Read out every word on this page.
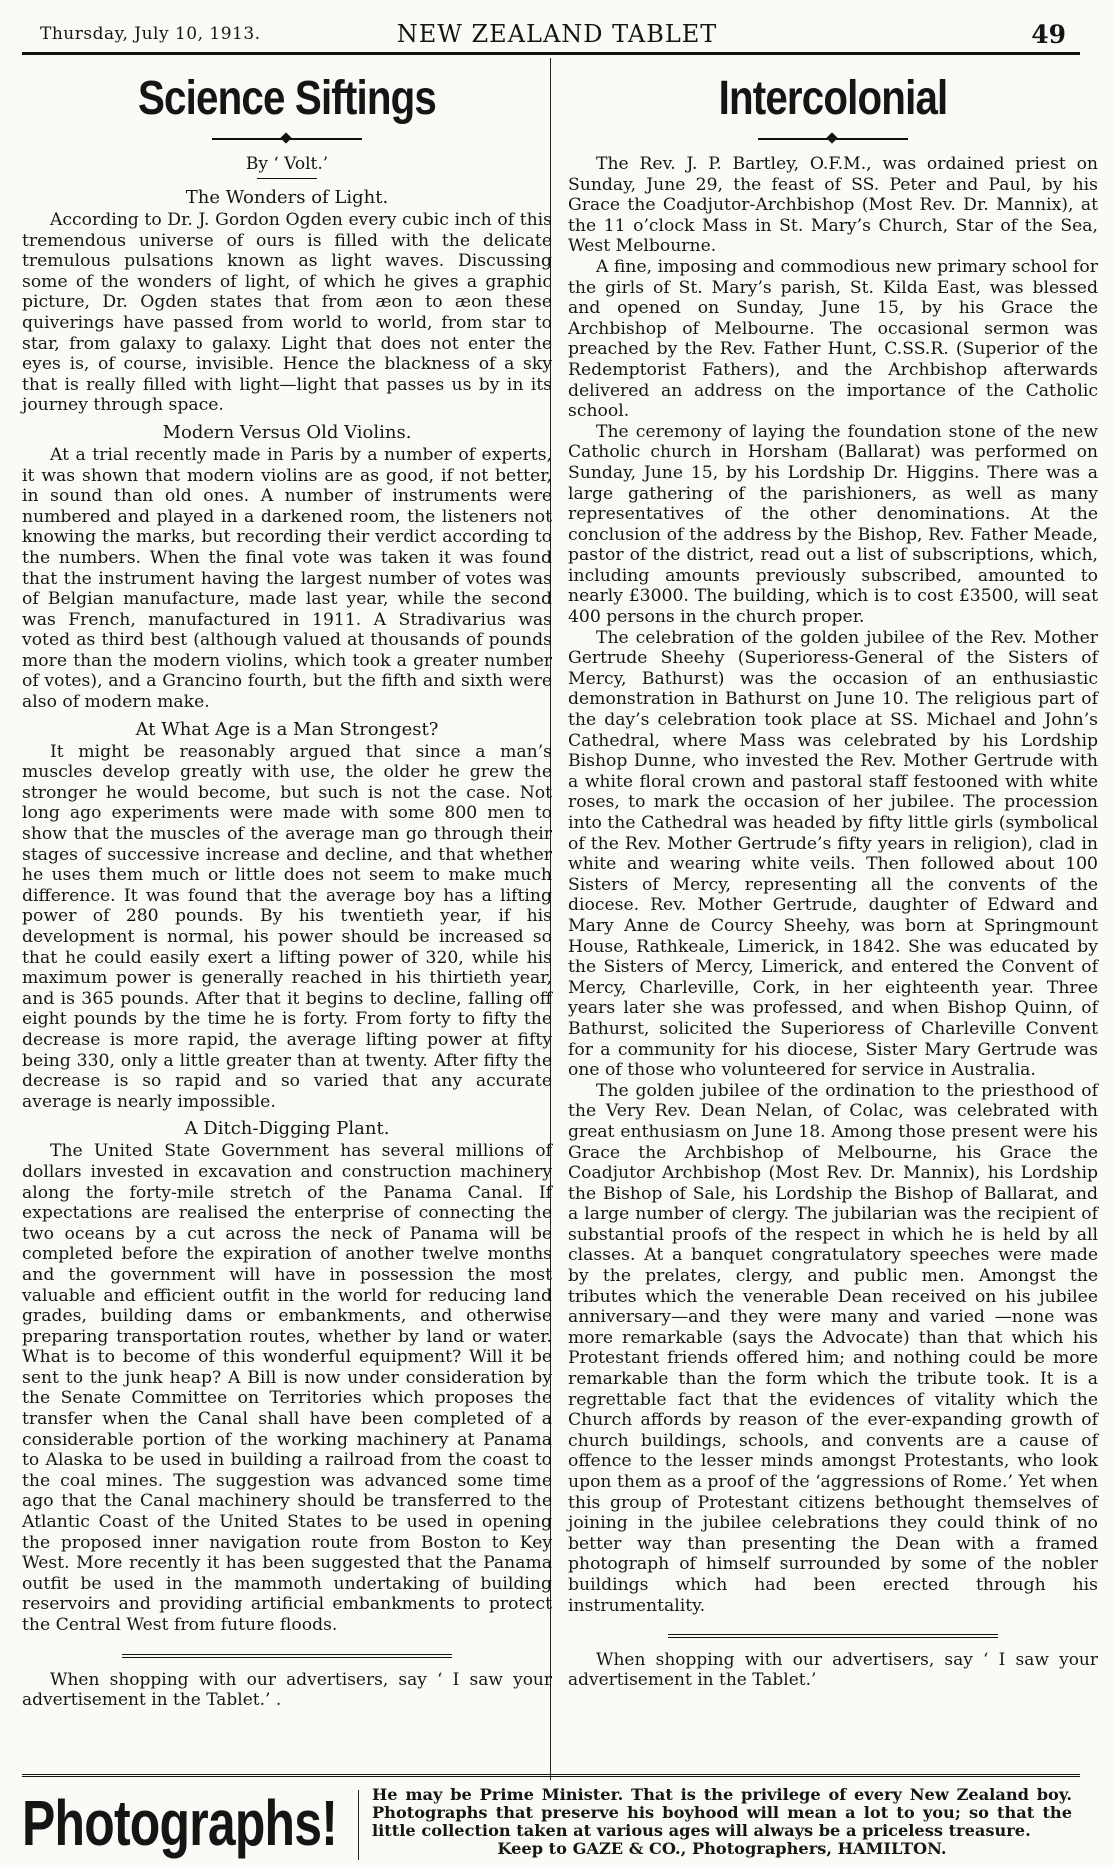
Thursday, July 10, 1913.	NEW ZEALAND TABLET	49
Science Siftings
By ‘ Volt.’
The Wonders of Light.

According to Dr. J. Gordon Ogden every cubic inch of this tremendous universe of ours is filled with the delicate tremulous pulsations known as light waves. Discussing some of the wonders of light, of which he gives a graphic picture, Dr. Ogden states that from æon to æon these quiverings have passed from world to world, from star to star, from galaxy to galaxy. Light that does not enter the eyes is, of course, invisible. Hence the blackness of a sky that is really filled with light—light that passes us by in its journey through space.

Modern Versus Old Violins.

At a trial recently made in Paris by a number of experts, it was shown that modern violins are as good, if not better, in sound than old ones. A number of instruments were numbered and played in a darkened room, the listeners not knowing the marks, but recording their verdict according to the numbers. When the final vote was taken it was found that the instrument having the largest number of votes was of Belgian manufacture, made last year, while the second was French, manufactured in 1911. A Stradivarius was voted as third best (although valued at thousands of pounds more than the modern violins, which took a greater number of votes), and a Grancino fourth, but the fifth and sixth were also of modern make.

At What Age is a Man Strongest?

It might be reasonably argued that since a man’s muscles develop greatly with use, the older he grew the stronger he would become, but such is not the case. Not long ago experiments were made with some 800 men to show that the muscles of the average man go through their stages of successive increase and decline, and that whether he uses them much or little does not seem to make much difference. It was found that the average boy has a lifting power of 280 pounds. By his twentieth year, if his development is normal, his power should be increased so that he could easily exert a lifting power of 320, while his maximum power is generally reached in his thirtieth year, and is 365 pounds. After that it begins to decline, falling off eight pounds by the time he is forty. From forty to fifty the decrease is more rapid, the average lifting power at fifty being 330, only a little greater than at twenty. After fifty the decrease is so rapid and so varied that any accurate average is nearly impossible.

A Ditch-Digging Plant.

The United State Government has several millions of dollars invested in excavation and construction machinery along the forty-mile stretch of the Panama Canal. If expectations are realised the enterprise of connecting the two oceans by a cut across the neck of Panama will be completed before the expiration of another twelve months and the government will have in possession the most valuable and efficient outfit in the world for reducing land grades, building dams or embankments, and otherwise preparing transportation routes, whether by land or water. What is to become of this wonderful equipment? Will it be sent to the junk heap? A Bill is now under consideration by the Senate Committee on Territories which proposes the transfer when the Canal shall have been completed of a considerable portion of the working machinery at Panama to Alaska to be used in building a railroad from the coast to the coal mines. The suggestion was advanced some time ago that the Canal machinery should be transferred to the Atlantic Coast of the United States to be used in opening the proposed inner navigation route from Boston to Key West. More recently it has been suggested that the Panama outfit be used in the mammoth undertaking of building reservoirs and providing artificial embankments to protect the Central West from future floods.

When shopping with our advertisers, say ‘ I saw your advertisement in the Tablet.’ .

Intercolonial

The Rev. J. P. Bartley, O.F.M., was ordained priest on Sunday, June 29, the feast of SS. Peter and Paul, by his Grace the Coadjutor-Archbishop (Most Rev. Dr. Mannix), at the 11 o’clock Mass in St. Mary’s Church, Star of the Sea, West Melbourne.

A fine, imposing and commodious new primary school for the girls of St. Mary’s parish, St. Kilda East, was blessed and opened on Sunday, June 15, by his Grace the Archbishop of Melbourne. The occasional sermon was preached by the Rev. Father Hunt, C.SS.R. (Superior of the Redemptorist Fathers), and the Archbishop afterwards delivered an address on the importance of the Catholic school.

The ceremony of laying the foundation stone of the new Catholic church in Horsham (Ballarat) was performed on Sunday, June 15, by his Lordship Dr. Higgins. There was a large gathering of the parishioners, as well as many representatives of the other denominations. At the conclusion of the address by the Bishop, Rev. Father Meade, pastor of the district, read out a list of subscriptions, which, including amounts previously subscribed, amounted to nearly £3000. The building, which is to cost £3500, will seat 400 persons in the church proper.

The celebration of the golden jubilee of the Rev. Mother Gertrude Sheehy (Superioress-General of the Sisters of Mercy, Bathurst) was the occasion of an enthusiastic demonstration in Bathurst on June 10. The religious part of the day’s celebration took place at SS. Michael and John’s Cathedral, where Mass was celebrated by his Lordship Bishop Dunne, who invested the Rev. Mother Gertrude with a white floral crown and pastoral staff festooned with white roses, to mark the occasion of her jubilee. The procession into the Cathedral was headed by fifty little girls (symbolical of the Rev. Mother Gertrude’s fifty years in religion), clad in white and wearing white veils. Then followed about 100 Sisters of Mercy, representing all the convents of the diocese. Rev. Mother Gertrude, daughter of Edward and Mary Anne de Courcy Sheehy, was born at Springmount House, Rathkeale, Limerick, in 1842. She was educated by the Sisters of Mercy, Limerick, and entered the Convent of Mercy, Charleville, Cork, in her eighteenth year. Three years later she was professed, and when Bishop Quinn, of Bathurst, solicited the Superioress of Charleville Convent for a community for his diocese, Sister Mary Gertrude was one of those who volunteered for service in Australia.

The golden jubilee of the ordination to the priesthood of the Very Rev. Dean Nelan, of Colac, was celebrated with great enthusiasm on June 18. Among those present were his Grace the Archbishop of Melbourne, his Grace the Coadjutor Archbishop (Most Rev. Dr. Mannix), his Lordship the Bishop of Sale, his Lordship the Bishop of Ballarat, and a large number of clergy. The jubilarian was the recipient of substantial proofs of the respect in which he is held by all classes. At a banquet congratulatory speeches were made by the prelates, clergy, and public men. Amongst the tributes which the venerable Dean received on his jubilee anniversary—and they were many and varied —none was more remarkable (says the Advocate) than that which his Protestant friends offered him; and nothing could be more remarkable than the form which the tribute took. It is a regrettable fact that the evidences of vitality which the Church affords by reason of the ever-expanding growth of church buildings, schools, and convents are a cause of offence to the lesser minds amongst Protestants, who look upon them as a proof of the ‘aggressions of Rome.’ Yet when this group of Protestant citizens bethought themselves of joining in the jubilee celebrations they could think of no better way than presenting the Dean with a framed photograph of himself surrounded by some of the nobler buildings which had been erected through his instrumentality.

When shopping with our advertisers, say ‘ I saw your advertisement in the Tablet.’

Photographs! He may be Prime Minister. That is the privilege of every New Zealand boy. Photographs that preserve his boyhood will mean a lot to you; so that the little collection taken at various ages will always be a priceless treasure.
Keep to GAZE & CO., Photographers, HAMILTON.
